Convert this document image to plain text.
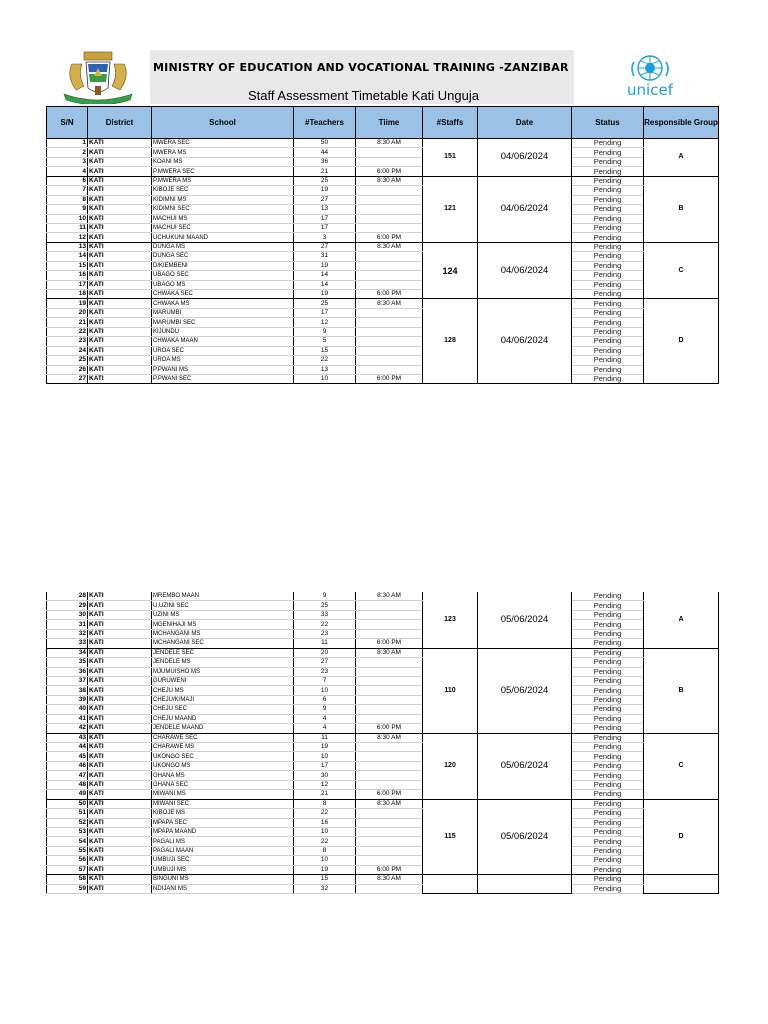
MINISTRY OF EDUCATION AND VOCATIONAL TRAINING -ZANZIBAR
Staff Assessment Timetable Kati Unguja	unicef
S/N	District	School	#Teachers	Tiime	#Staffs	Date	Status	Responsible Group
1	KATI	MWERA SEC	50	8:30 AM	151	04/06/2024	Pending	A
2	KATI	MWERA MS	44				Pending	
3	KATI	KOANI MS	36				Pending	
4	KATI	P.MWERA SEC	21	6:00 PM			Pending	
6	KATI	P.MWERA MS	25	8:30 AM	121	04/06/2024	Pending	B
7	KATI	KIBOJE SEC	19				Pending	
8	KATI	KIDIMNI MS	27				Pending	
9	KATI	KIDIMNI SEC	13				Pending	
10	KATI	MACHUI MS	17				Pending	
11	KATI	MACHUI SEC	17				Pending	
12	KATI	UCHUKUNI MAAND	3	6:00 PM			Pending	
13	KATI	DUNGA MS	27	8:30 AM	124	04/06/2024	Pending	C
14	KATI	DUNGA SEC	31				Pending	
15	KATI	D/KIEMBENI	19				Pending	
16	KATI	UBAGO SEC	14				Pending	
17	KATI	UBAGO MS	14				Pending	
18	KATI	CHWAKA SEC	19	6:00 PM			Pending	
19	KATI	CHWAKA MS	25	8:30 AM	128	04/06/2024	Pending	D
20	KATI	MARUMBI	17				Pending	
21	KATI	MARUMBI SEC	12				Pending	
22	KATI	KIJUNDU	9				Pending	
23	KATI	CHWAKA MAAN	5				Pending	
24	KATI	UROA SEC	15				Pending	
25	KATI	UROA MS	22				Pending	
26	KATI	P.PWANI MS	13				Pending	
27	KATI	P.PWANI SEC	10	6:00 PM			Pending	
28	KATI	MREMBO MAAN	9	8:30 AM	123	05/06/2024	Pending	A
29	KATI	U.UZINI SEC	25				Pending	
30	KATI	UZINI MS	33				Pending	
31	KATI	MGENIHAJI MS	22				Pending	
32	KATI	MCHANGANI MS	23				Pending	
33	KATI	MCHANGANI SEC	11	6:00 PM			Pending	
34	KATI	JENDELE SEC	20	8:30 AM	110	05/06/2024	Pending	B
35	KATI	JENDELE MS	27				Pending	
36	KATI	MJUMUISHO MS	23				Pending	
37	KATI	GURUWENI	7				Pending	
38	KATI	CHEJU MS	10				Pending	
39	KATI	CHEJU/K/MAJI	6				Pending	
40	KATI	CHEJU SEC	9				Pending	
41	KATI	CHEJU MAAND	4				Pending	
42	KATI	JENDELE MAAND	4	6:00 PM			Pending	
43	KATI	CHARAWE SEC	11	8:30 AM	120	05/06/2024	Pending	C
44	KATI	CHARAWE MS	19				Pending	
45	KATI	UKONGO SEC	10				Pending	
46	KATI	UKONGO MS	17				Pending	
47	KATI	GHANA MS	30				Pending	
48	KATI	GHANA SEC	12				Pending	
49	KATI	MIWANI MS	21	6:00 PM			Pending	
50	KATI	MIWANI SEC	8	8:30 AM	115	05/06/2024	Pending	D
51	KATI	KIBOJE MS	22				Pending	
52	KATI	MPAPA SEC	16				Pending	
53	KATI	MPAPA MAAND	10				Pending	
54	KATI	PAGALI MS	22				Pending	
55	KATI	PAGALI MAAN	8				Pending	
56	KATI	UMBUJI SEC	10				Pending	
57	KATI	UMBUJI MS	19	6:00 PM			Pending	
58	KATI	BINGUNI MS	15	8:30 AM			Pending	
59	KATI	NDIJANI MS	32				Pending	
